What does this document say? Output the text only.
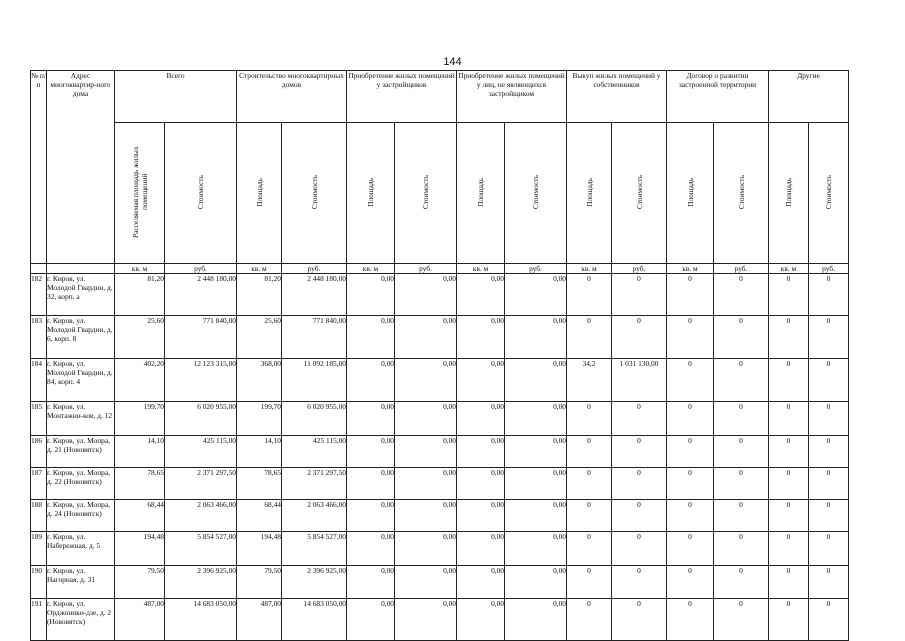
144
№ п/п	Адрес многоквартир-ного дома	Всего		Строительство многоквартирных домов		Приобретение жилых помещений у застройщиков		Приобретение жилых помещений у лиц, не являющихся застройщиком		Выкуп жилых помещений у собственников		Договор о развитии застроенной территории		Другие	
		Расселяемая площадь жилых помещений	Стоимость	Площадь	Стоимость	Площадь	Стоимость	Площадь	Стоимость	Площадь	Стоимость	Площадь	Стоимость	Площадь	Стоимость
		кв. м	руб.	кв. м	руб.	кв. м	руб.	кв. м	руб.	кв. м	руб.	кв. м	руб.	кв. м	руб.
182	г. Киров, ул. Молодой Гвардии, д. 32, корп. а	81,20	2 448 180,00	81,20	2 448 180,00	0,00	0,00	0,00	0,00	0	0	0	0	0	0
183	г. Киров, ул. Молодой Гвардии, д. 6, корп. 8	25,60	771 840,00	25,60	771 840,00	0,00	0,00	0,00	0,00	0	0	0	0	0	0
184	г. Киров, ул. Молодой Гвардии, д. 84, корп. 4	402,20	12 123 315,00	368,00	11 092 185,00	0,00	0,00	0,00	0,00	34,2	1 031 130,00	0	0	0	0
185	г. Киров, ул. Монтажни-ков, д. 12	199,70	6 020 955,00	199,70	6 020 955,00	0,00	0,00	0,00	0,00	0	0	0	0	0	0
186	г. Киров, ул. Мопра, д. 21 (Нововятск)	14,10	425 115,00	14,10	425 115,00	0,00	0,00	0,00	0,00	0	0	0	0	0	0
187	г. Киров, ул. Мопра, д. 22 (Нововятск)	78,65	2 371 297,50	78,65	2 371 297,50	0,00	0,00	0,00	0,00	0	0	0	0	0	0
188	г. Киров, ул. Мопра, д. 24 (Нововятск)	68,44	2 063 466,00	68,44	2 063 466,00	0,00	0,00	0,00	0,00	0	0	0	0	0	0
189	г. Киров, ул. Набережная, д. 5	194,48	5 854 527,00	194,48	5 854 527,00	0,00	0,00	0,00	0,00	0	0	0	0	0	0
190	г. Киров, ул. Нагорная, д. 31	79,50	2 396 925,00	79,50	2 396 925,00	0,00	0,00	0,00	0,00	0	0	0	0	0	0
191	г. Киров, ул. Орджоники-дзе, д. 2 (Нововятск)	487,00	14 683 050,00	487,00	14 683 050,00	0,00	0,00	0,00	0,00	0	0	0	0	0	0
